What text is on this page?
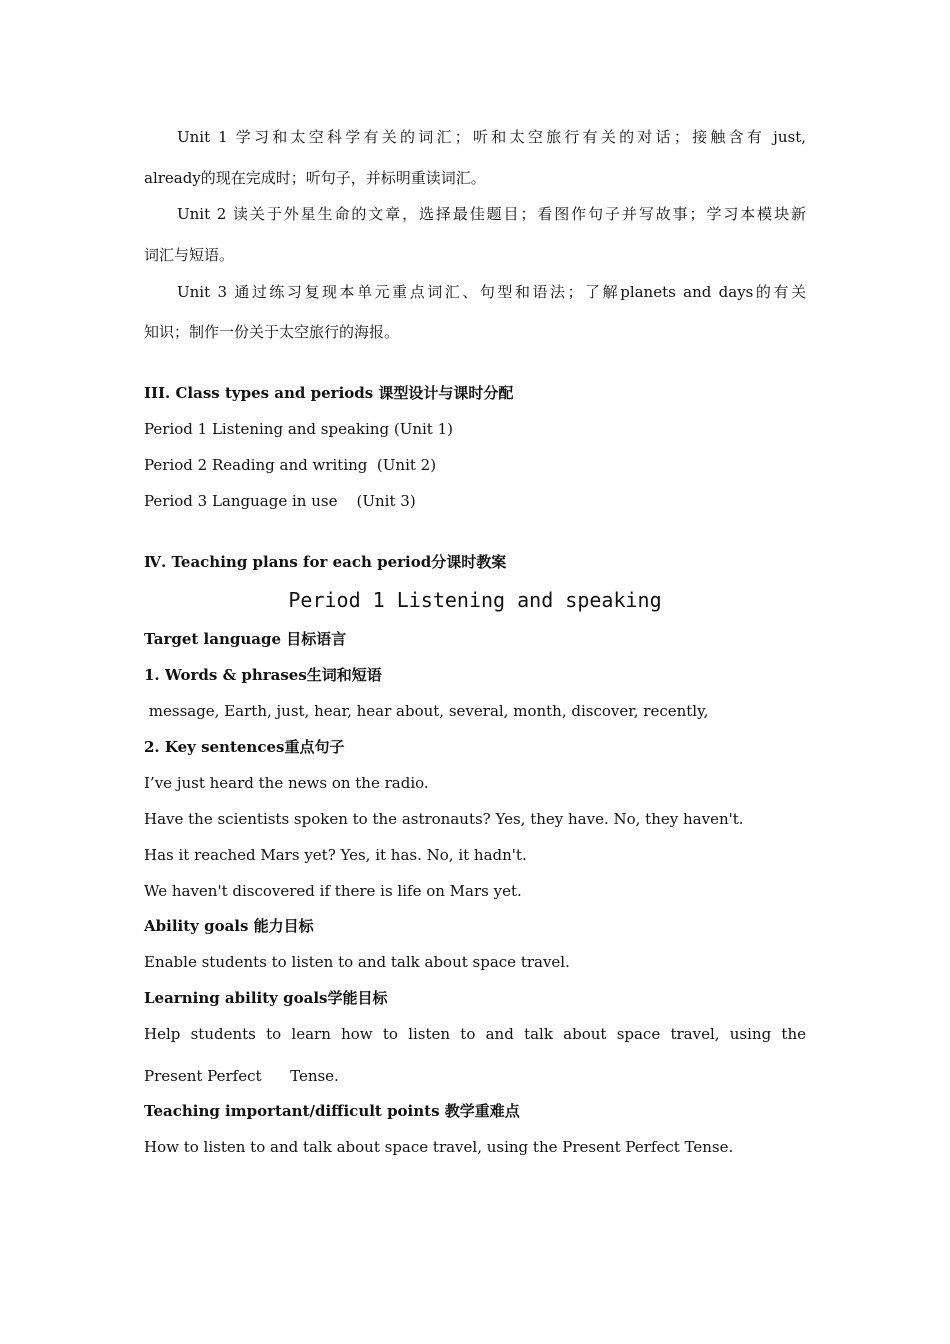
Unit 1 学习和太空科学有关的词汇；听和太空旅行有关的对话；接触含有 just,
already的现在完成时；听句子，并标明重读词汇。
Unit 2 读关于外星生命的文章，选择最佳题目；看图作句子并写故事；学习本模块新
词汇与短语。
Unit 3 通过练习复现本单元重点词汇、句型和语法；了解planets and days的有关
知识；制作一份关于太空旅行的海报。
III. Class types and periods 课型设计与课时分配
Period 1 Listening and speaking (Unit 1)
Period 2 Reading and writing  (Unit 2)
Period 3 Language in use    (Unit 3)
Ⅳ. Teaching plans for each period分课时教案
Period 1 Listening and speaking
Target language 目标语言
1. Words & phrases生词和短语
message, Earth, just, hear, hear about, several, month, discover, recently,
2. Key sentences重点句子
I’ve just heard the news on the radio.
Have the scientists spoken to the astronauts? Yes, they have. No, they haven't.
Has it reached Mars yet? Yes, it has. No, it hadn't.
We haven't discovered if there is life on Mars yet.
Ability goals 能力目标
Enable students to listen to and talk about space travel.
Learning ability goals学能目标
Help students to learn how to listen to and talk about space travel, using the
Present Perfect      Tense.
Teaching important/difficult points 教学重难点
How to listen to and talk about space travel, using the Present Perfect Tense.
